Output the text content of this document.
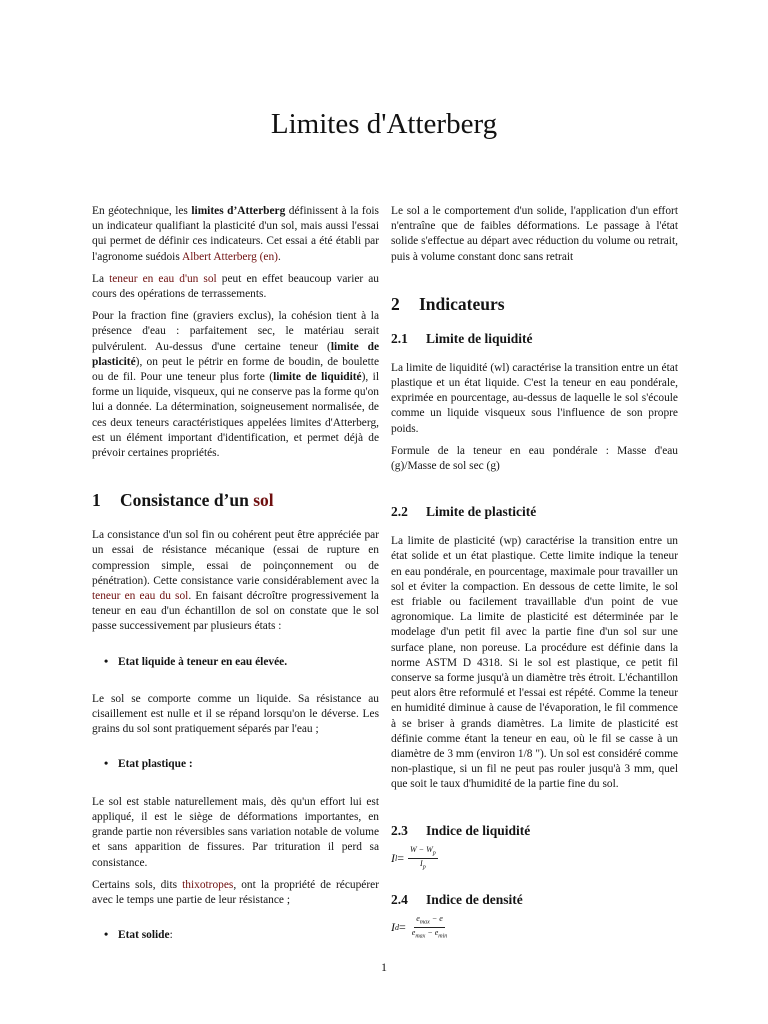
Limites d'Atterberg

En géotechnique, les limites d’Atterberg définissent à la fois un indicateur qualifiant la plasticité d'un sol, mais aussi l'essai qui permet de définir ces indicateurs. Cet essai a été établi par l'agronome suédois Albert Atterberg (en).

La teneur en eau d'un sol peut en effet beaucoup varier au cours des opérations de terrassements.

Pour la fraction fine (graviers exclus), la cohésion tient à la présence d'eau : parfaitement sec, le matériau serait pulvérulent. Au-dessus d'une certaine teneur (limite de plasticité), on peut le pétrir en forme de boudin, de boulette ou de fil. Pour une teneur plus forte (limite de liquidité), il forme un liquide, visqueux, qui ne conserve pas la forme qu'on lui a donnée. La détermination, soigneusement normalisée, de ces deux teneurs caractéristiques appelées limites d'Atterberg, est un élément important d'identification, et permet déjà de prévoir certaines propriétés.

1 Consistance d’un sol

La consistance d'un sol fin ou cohérent peut être appréciée par un essai de résistance mécanique (essai de rupture en compression simple, essai de poinçonnement ou de pénétration). Cette consistance varie considérablement avec la teneur en eau du sol. En faisant décroître progressivement la teneur en eau d'un échantillon de sol on constate que le sol passe successivement par plusieurs états :

• Etat liquide à teneur en eau élevée.

Le sol se comporte comme un liquide. Sa résistance au cisaillement est nulle et il se répand lorsqu'on le déverse. Les grains du sol sont pratiquement séparés par l'eau ;

• Etat plastique :

Le sol est stable naturellement mais, dès qu'un effort lui est appliqué, il est le siège de déformations importantes, en grande partie non réversibles sans variation notable de volume et sans apparition de fissures. Par trituration il perd sa consistance.

Certains sols, dits thixotropes, ont la propriété de récupérer avec le temps une partie de leur résistance ;

• Etat solide :

Le sol a le comportement d'un solide, l'application d'un effort n'entraîne que de faibles déformations. Le passage à l'état solide s'effectue au départ avec réduction du volume ou retrait, puis à volume constant donc sans retrait

2 Indicateurs
2.1 Limite de liquidité

La limite de liquidité (wl) caractérise la transition entre un état plastique et un état liquide. C'est la teneur en eau pondérale, exprimée en pourcentage, au-dessus de laquelle le sol s'écoule comme un liquide visqueux sous l'influence de son propre poids.

Formule de la teneur en eau pondérale : Masse d'eau (g)/Masse de sol sec (g)

2.2 Limite de plasticité

La limite de plasticité (wp) caractérise la transition entre un état solide et un état plastique. Cette limite indique la teneur en eau pondérale, en pourcentage, maximale pour travailler un sol et éviter la compaction. En dessous de cette limite, le sol est friable ou facilement travaillable d'un point de vue agronomique. La limite de plasticité est déterminée par le modelage d'un petit fil avec la partie fine d'un sol sur une surface plane, non poreuse. La procédure est définie dans la norme ASTM D 4318. Si le sol est plastique, ce petit fil conserve sa forme jusqu'à un diamètre très étroit. L'échantillon peut alors être reformulé et l'essai est répété. Comme la teneur en humidité diminue à cause de l'évaporation, le fil commence à se briser à grands diamètres. La limite de plasticité est définie comme étant la teneur en eau, où le fil se casse à un diamètre de 3 mm (environ 1/8 "). Un sol est considéré comme non-plastique, si un fil ne peut pas rouler jusqu'à 3 mm, quel que soit le taux d'humidité de la partie fine du sol.

2.3 Indice de liquidité
I $l = \frac{W - W_p}{I_p}$
2.4 Indice de densité
I $d = \frac{e_{max} - e}{e_{max} - e_{min}}$
1
